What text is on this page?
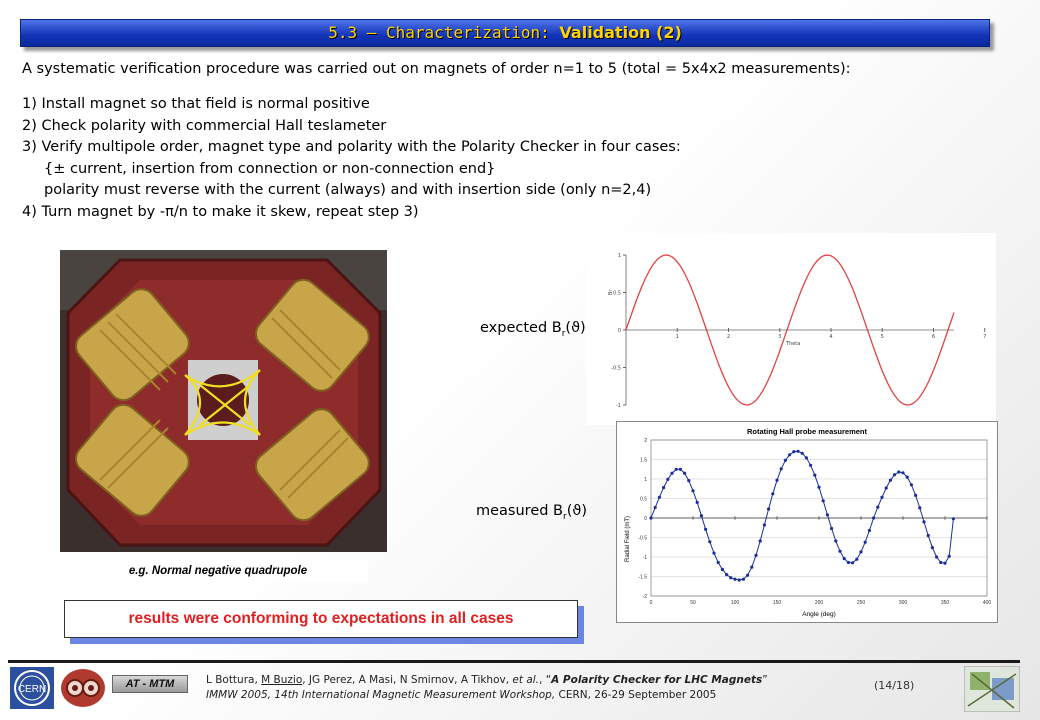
5.3 – Characterization: Validation (2)
A systematic verification procedure was carried out on magnets of order n=1 to 5 (total = 5x4x2 measurements):
1) Install magnet so that field is normal positive
2) Check polarity with commercial Hall teslameter
3) Verify multipole order, magnet type and polarity with the Polarity Checker in four cases:
{± current, insertion from connection or non-connection end}
polarity must reverse with the current (always) and with insertion side (only n=2,4)
4) Turn magnet by -π/n to make it skew, repeat step 3)
e.g. Normal negative quadrupole
expected $B_r(ϑ)$
measured $B_r(ϑ)$
1
0.5
0
-0.5
-1
1	2	3	4	5	6	7
Theta
Br
Rotating Hall probe measurement
2
1.5
1
0.5
0
-0.5
-1
-1.5
-2
0	50	100	150	200	250	300	350	400
Angle (deg)
Radial Field (mT)
results were conforming to expectations in all cases
CERN	AT - MTM	L Bottura, M Buzio, JG Perez, A Masi, N Smirnov, A Tikhov, et al., “A Polarity Checker for LHC Magnets”
IMMW 2005, 14th International Magnetic Measurement Workshop, CERN, 26-29 September 2005
(14/18)
